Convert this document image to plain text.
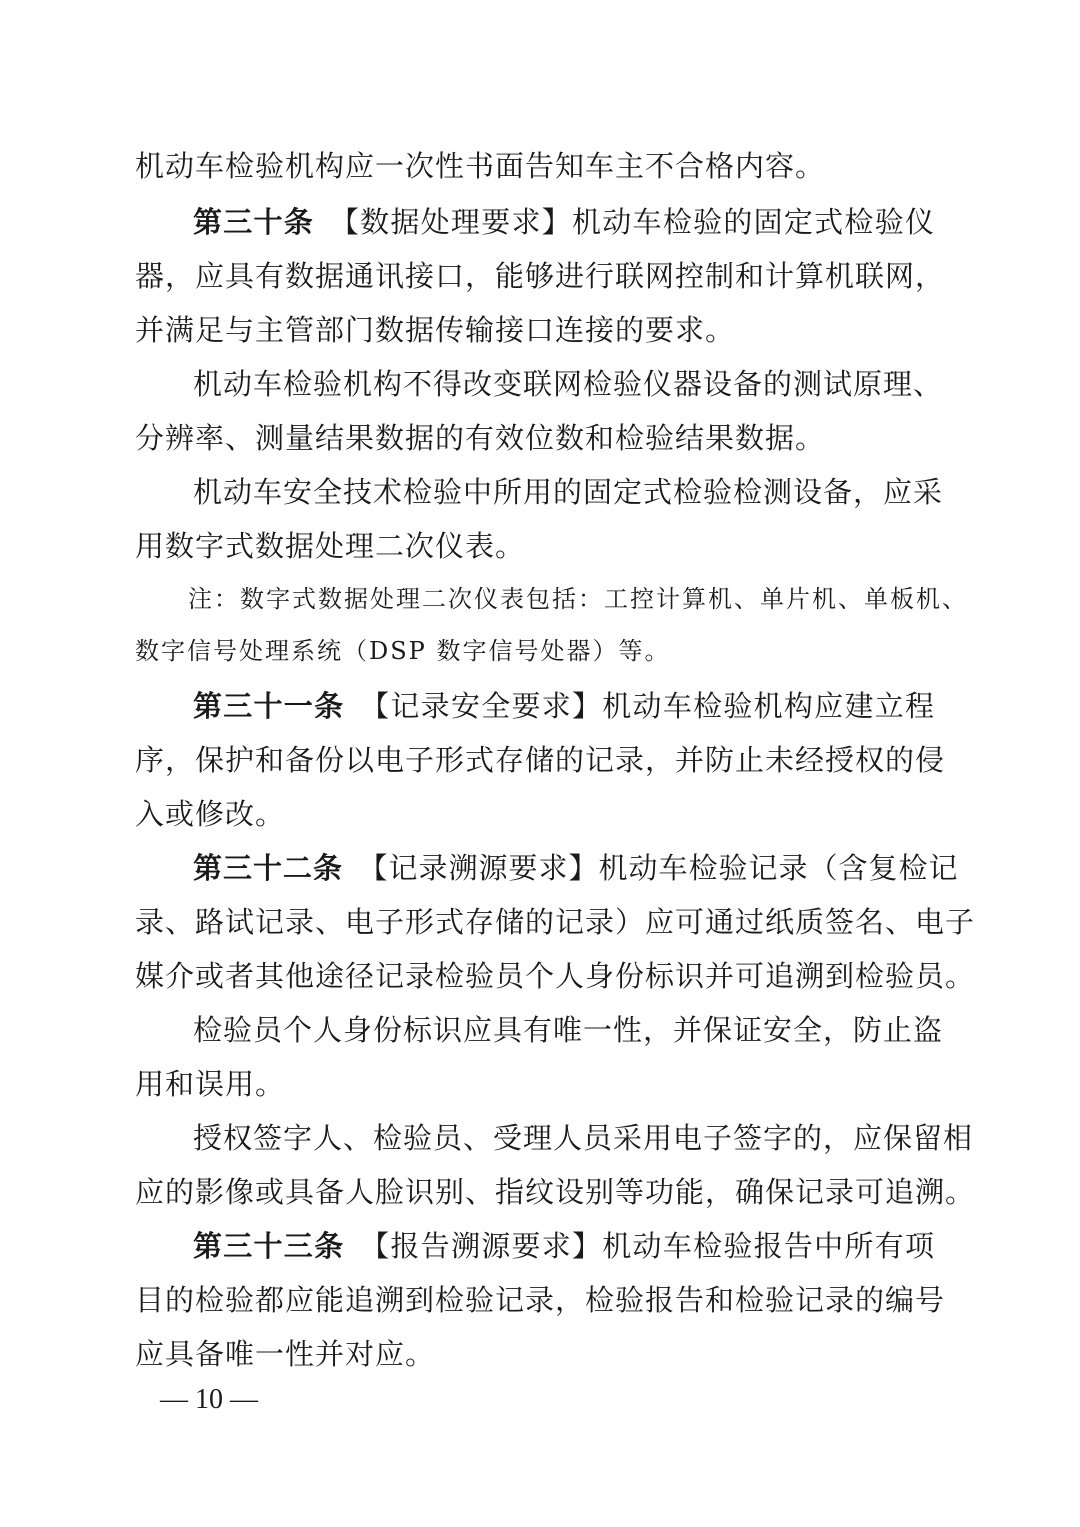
机动车检验机构应一次性书面告知车主不合格内容。
第三十条　 【数据处理要求】机动车检验的固定式检验仪
器，应具有数据通讯接口，能够进行联网控制和计算机联网，
并满足与主管部门数据传输接口连接的要求。
机动车检验机构不得改变联网检验仪器设备的测试原理、
分辨率、测量结果数据的有效位数和检验结果数据。
机动车安全技术检验中所用的固定式检验检测设备，应采
用数字式数据处理二次仪表。
注：数字式数据处理二次仪表包括：工控计算机、单片机、单板机、
数字信号处理系统（DSP 数字信号处器）等。
第三十一条　 【记录安全要求】机动车检验机构应建立程
序，保护和备份以电子形式存储的记录，并防止未经授权的侵
入或修改。
第三十二条　 【记录溯源要求】机动车检验记录（含复检记
录、路试记录、电子形式存储的记录）应可通过纸质签名、电子
媒介或者其他途径记录检验员个人身份标识并可追溯到检验员。
检验员个人身份标识应具有唯一性，并保证安全，防止盗
用和误用。
授权签字人、检验员、受理人员采用电子签字的，应保留相
应的影像或具备人脸识别、指纹设别等功能，确保记录可追溯。
第三十三条　 【报告溯源要求】机动车检验报告中所有项
目的检验都应能追溯到检验记录，检验报告和检验记录的编号
应具备唯一性并对应。
— 10 —
